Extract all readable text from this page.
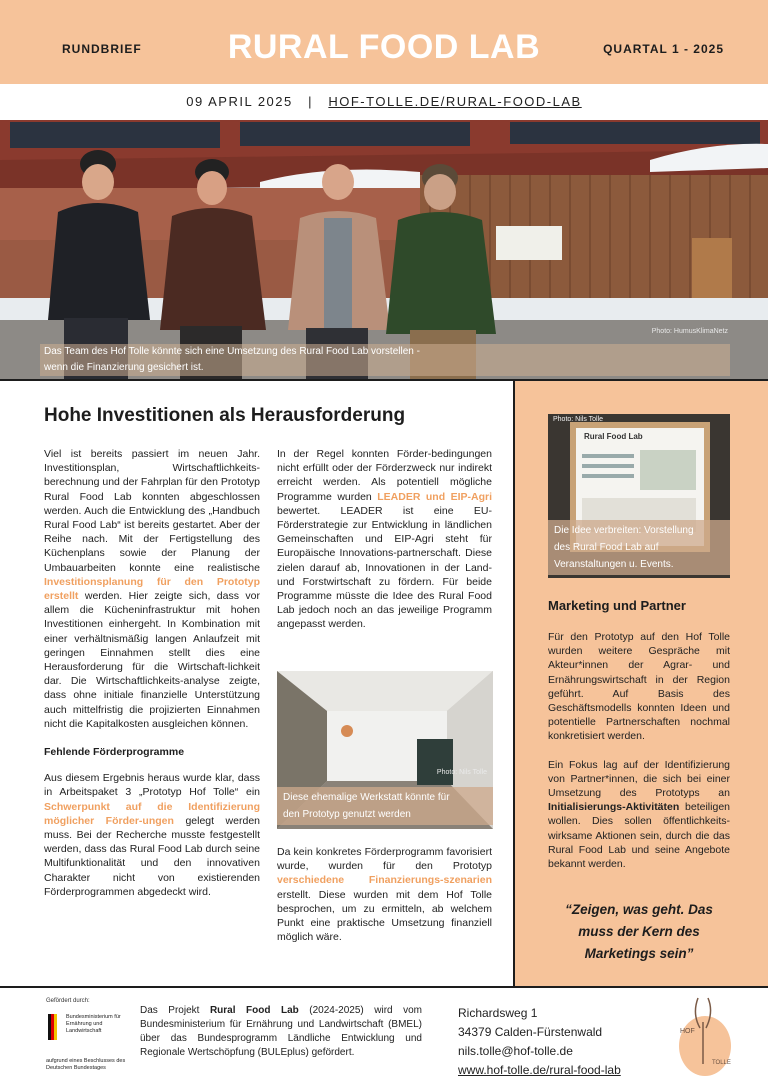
RUNDBRIEF	RURAL FOOD LAB	QUARTAL 1 - 2025
09 APRIL 2025 | HOF-TOLLE.DE/RURAL-FOOD-LAB
Photo: HumusKlimaNetz
Das Team des Hof Tolle könnte sich eine Umsetzung des Rural Food Lab vorstellen -
wenn die Finanzierung gesichert ist.
Hohe Investitionen als Herausforderung

Viel ist bereits passiert im neuen Jahr. Investitionsplan, Wirtschaftlichkeits-berechnung und der Fahrplan für den Prototyp Rural Food Lab konnten abgeschlossen werden. Auch die Entwicklung des „Handbuch Rural Food Lab“ ist bereits gestartet. Aber der Reihe nach. Mit der Fertigstellung des Küchenplans sowie der Planung der Umbauarbeiten konnte eine realistische Investitionsplanung für den Prototyp erstellt werden. Hier zeigte sich, dass vor allem die Kücheninfrastruktur mit hohen Investitionen einhergeht. In Kombination mit einer verhältnismäßig langen Anlaufzeit mit geringen Einnahmen stellt dies eine Herausforderung für die Wirtschaft-lichkeit dar. Die Wirtschaftlichkeits-analyse zeigte, dass ohne initiale finanzielle Unterstützung auch mittelfristig die projizierten Einnahmen nicht die Kapitalkosten ausgleichen können.

Fehlende Förderprogramme

Aus diesem Ergebnis heraus wurde klar, dass in Arbeitspaket 3 „Prototyp Hof Tolle“ ein Schwerpunkt auf die Identifizierung möglicher Förder-ungen gelegt werden muss. Bei der Recherche musste festgestellt werden, dass das Rural Food Lab durch seine Multifunktionalität und den innovativen Charakter nicht von existierenden Förderprogrammen abgedeckt wird.

In der Regel konnten Förder-bedingungen nicht erfüllt oder der Förderzweck nur indirekt erreicht werden. Als potentiell mögliche Programme wurden LEADER und EIP-Agri bewertet. LEADER ist eine EU-Förderstrategie zur Entwicklung in ländlichen Gemeinschaften und EIP-Agri steht für Europäische Innovations-partnerschaft. Diese zielen darauf ab, Innovationen in der Land- und Forstwirtschaft zu fördern. Für beide Programme müsste die Idee des Rural Food Lab jedoch noch an das jeweilige Programm angepasst werden.

Photo: Nils Tolle
Diese ehemalige Werkstatt könnte für
den Prototyp genutzt werden

Da kein konkretes Förderprogramm favorisiert wurde, wurden für den Prototyp verschiedene Finanzierungs-szenarien erstellt. Diese wurden mit dem Hof Tolle besprochen, um zu ermitteln, ab welchem Punkt eine praktische Umsetzung finanziell möglich wäre.

Photo: Nils Tolle
Rural Food Lab
Die Idee verbreiten: Vorstellung
des Rural Food Lab auf
Veranstaltungen u. Events.
Marketing und Partner

Für den Prototyp auf den Hof Tolle wurden weitere Gespräche mit Akteur*innen der Agrar- und Ernährungswirtschaft in der Region geführt. Auf Basis des Geschäftsmodells konnten Ideen und potentielle Partnerschaften nochmal konkretisiert werden.

Ein Fokus lag auf der Identifizierung von Partner*innen, die sich bei einer Umsetzung des Prototyps an Initialisierungs-Aktivitäten beteiligen wollen. Dies sollen öffentlichkeits-wirksame Aktionen sein, durch die das Rural Food Lab und seine Angebote bekannt werden.

“Zeigen, was geht. Das muss der Kern des Marketings sein”
Gefördert durch:
Bundesministerium für Ernährung und Landwirtschaft
aufgrund eines Beschlusses des Deutschen Bundestages
Das Projekt Rural Food Lab (2024-2025) wird vom Bundesministerium für Ernährung und Landwirtschaft (BMEL) über das Bundesprogramm Ländliche Entwicklung und Regionale Wertschöpfung (BULEplus) gefördert.
Richardsweg 1
34379 Calden-Fürstenwald
nils.tolle@hof-tolle.de
www.hof-tolle.de/rural-food-lab
HOF
TOLLE
